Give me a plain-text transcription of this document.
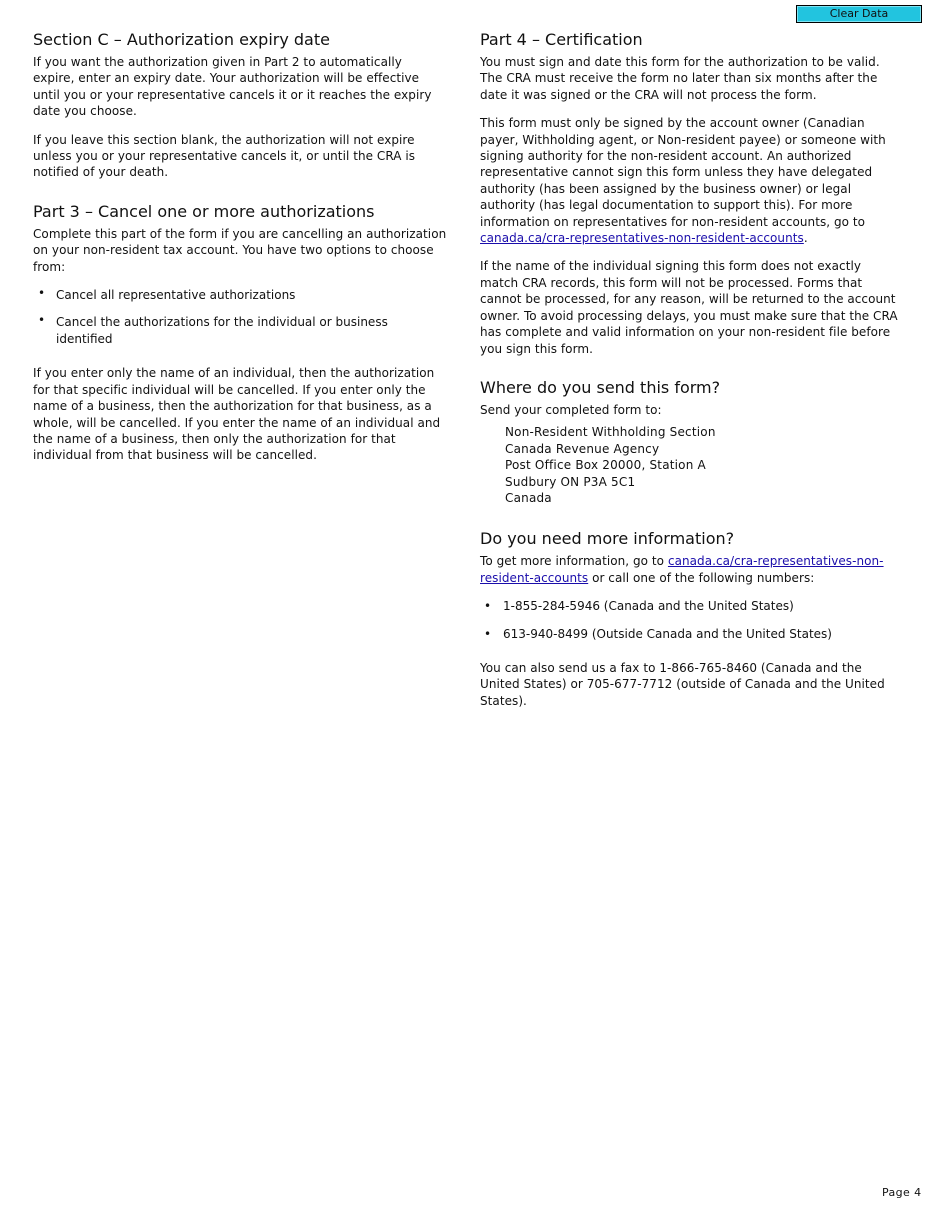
Clear Data
Section C – Authorization expiry date

If you want the authorization given in Part 2 to automatically expire, enter an expiry date. Your authorization will be effective until you or your representative cancels it or it reaches the expiry date you choose.

If you leave this section blank, the authorization will not expire unless you or your representative cancels it, or until the CRA is notified of your death.

Part 3 – Cancel one or more authorizations

Complete this part of the form if you are cancelling an authorization on your non-resident tax account. You have two options to choose from:

• Cancel all representative authorizations
• Cancel the authorizations for the individual or business identified

If you enter only the name of an individual, then the authorization for that specific individual will be cancelled. If you enter only the name of a business, then the authorization for that business, as a whole, will be cancelled. If you enter the name of an individual and the name of a business, then only the authorization for that individual from that business will be cancelled.

Part 4 – Certification

You must sign and date this form for the authorization to be valid. The CRA must receive the form no later than six months after the date it was signed or the CRA will not process the form.

This form must only be signed by the account owner (Canadian payer, Withholding agent, or Non-resident payee) or someone with signing authority for the non-resident account. An authorized representative cannot sign this form unless they have delegated authority (has been assigned by the business owner) or legal authority (has legal documentation to support this). For more information on representatives for non-resident accounts, go to canada.ca/cra-representatives-non-resident-accounts.

If the name of the individual signing this form does not exactly match CRA records, this form will not be processed. Forms that cannot be processed, for any reason, will be returned to the account owner. To avoid processing delays, you must make sure that the CRA has complete and valid information on your non-resident file before you sign this form.

Where do you send this form?

Send your completed form to:

Non-Resident Withholding Section
Canada Revenue Agency
Post Office Box 20000, Station A
Sudbury ON P3A 5C1
Canada
Do you need more information?

To get more information, go to canada.ca/cra-representatives-non-resident-accounts or call one of the following numbers:

• 1-855-284-5946 (Canada and the United States)
• 613-940-8499 (Outside Canada and the United States)

You can also send us a fax to 1-866-765-8460 (Canada and the United States) or 705-677-7712 (outside of Canada and the United States).

Page 4
